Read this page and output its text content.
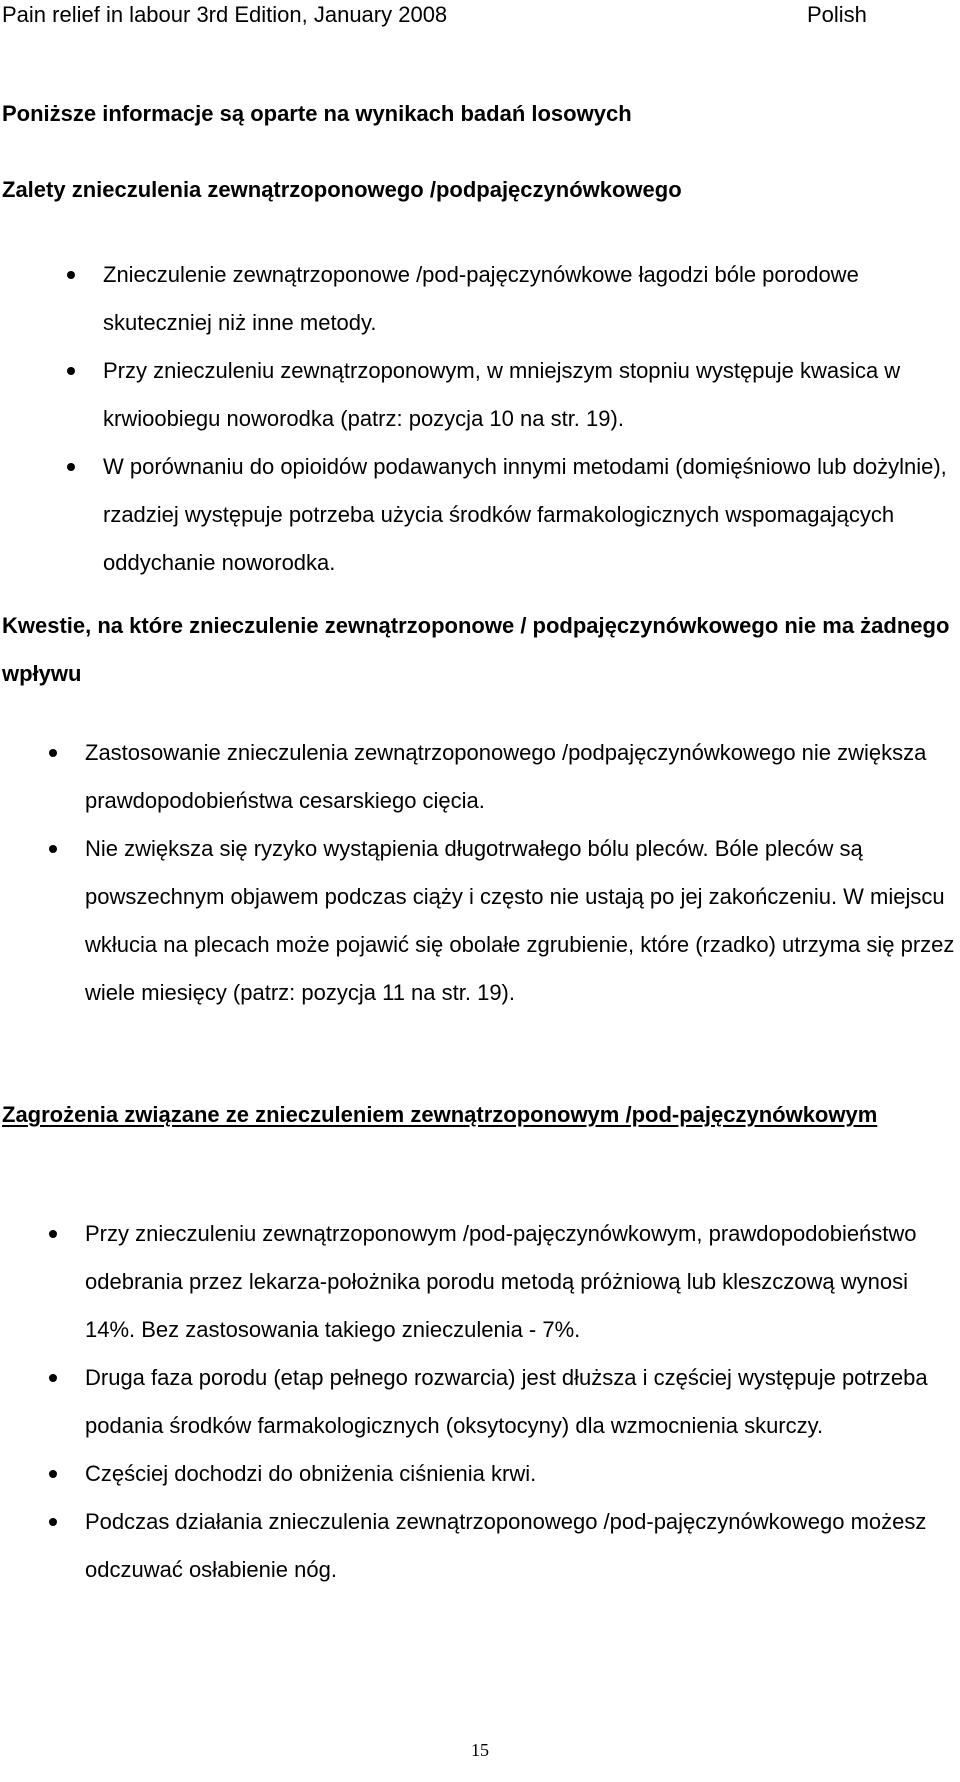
Pain relief in labour 3rd Edition, January 2008	Polish
Poniższe informacje są oparte na wynikach badań losowych
Zalety znieczulenia zewnątrzoponowego /podpajęczynówkowego
Znieczulenie zewnątrzoponowe /pod-pajęczynówkowe łagodzi bóle porodowe skuteczniej niż inne metody.
Przy znieczuleniu zewnątrzoponowym, w mniejszym stopniu występuje kwasica w krwioobiegu noworodka (patrz: pozycja 10 na str. 19).
W porównaniu do opioidów podawanych innymi metodami (domięśniowo lub dożylnie), rzadziej występuje potrzeba użycia środków farmakologicznych wspomagających oddychanie noworodka.
Kwestie, na które znieczulenie zewnątrzoponowe / podpajęczynówkowego nie ma żadnego wpływu
Zastosowanie znieczulenia zewnątrzoponowego /podpajęczynówkowego nie zwiększa prawdopodobieństwa cesarskiego cięcia.
Nie zwiększa się ryzyko wystąpienia długotrwałego bólu pleców. Bóle pleców są powszechnym objawem podczas ciąży i często nie ustają po jej zakończeniu. W miejscu wkłucia na plecach może pojawić się obolałe zgrubienie, które (rzadko) utrzyma się przez wiele miesięcy (patrz: pozycja 11 na str. 19).
Zagrożenia związane ze znieczuleniem zewnątrzoponowym /pod-pajęczynówkowym
Przy znieczuleniu zewnątrzoponowym /pod-pajęczynówkowym, prawdopodobieństwo odebrania przez lekarza-położnika porodu metodą próżniową lub kleszczową wynosi 14%. Bez zastosowania takiego znieczulenia - 7%.
Druga faza porodu (etap pełnego rozwarcia) jest dłuższa i częściej występuje potrzeba podania środków farmakologicznych (oksytocyny) dla wzmocnienia skurczy.
Częściej dochodzi do obniżenia ciśnienia krwi.
Podczas działania znieczulenia zewnątrzoponowego /pod-pajęczynówkowego możesz odczuwać osłabienie nóg.
15
